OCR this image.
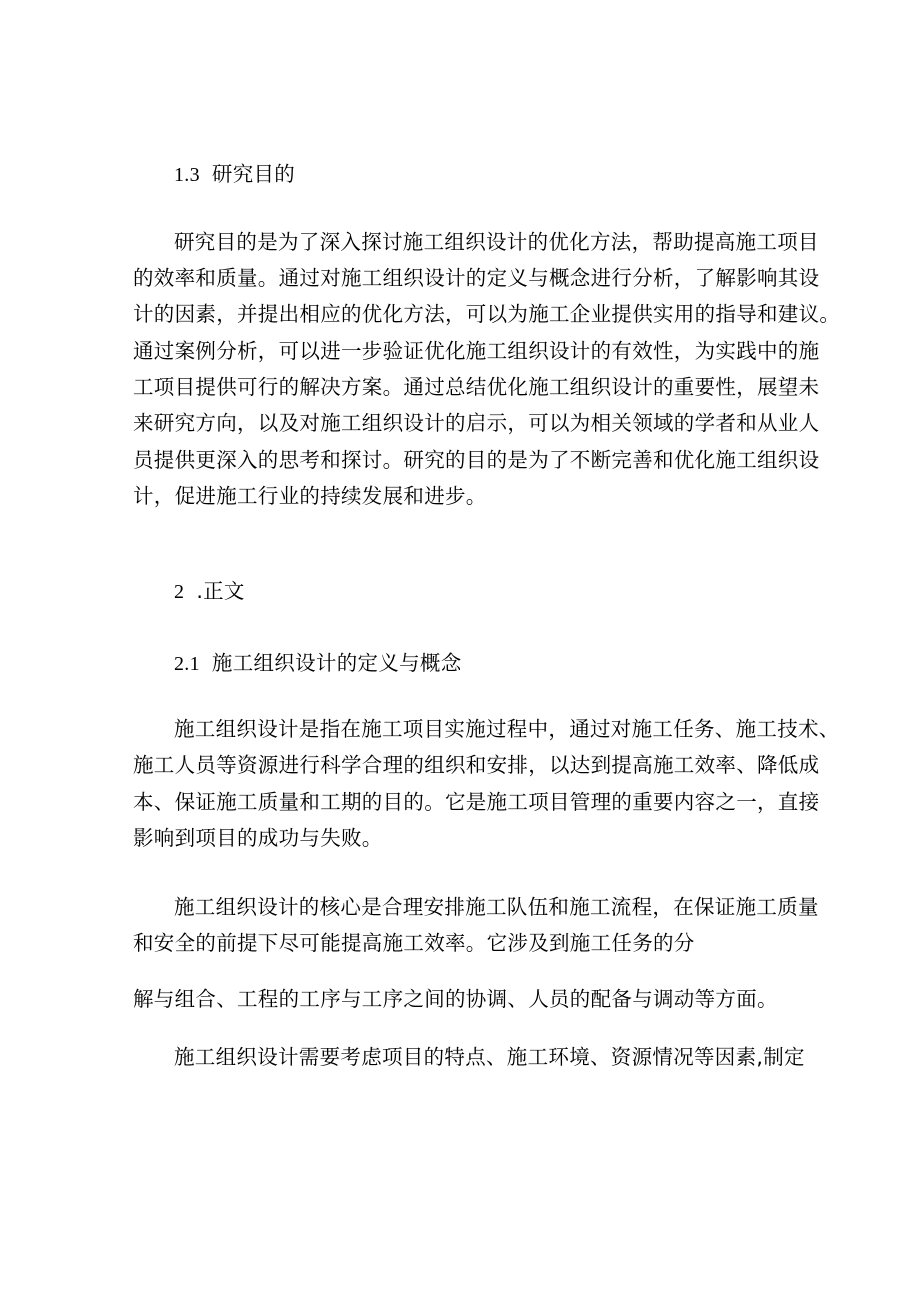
1.3 研究目的
研究目的是为了深入探讨施工组织设计的优化方法，帮助提高施工项目
的效率和质量。通过对施工组织设计的定义与概念进行分析，了解影响其设
计的因素，并提出相应的优化方法，可以为施工企业提供实用的指导和建议。
通过案例分析，可以进一步验证优化施工组织设计的有效性，为实践中的施
工项目提供可行的解决方案。通过总结优化施工组织设计的重要性，展望未
来研究方向，以及对施工组织设计的启示，可以为相关领域的学者和从业人
员提供更深入的思考和探讨。研究的目的是为了不断完善和优化施工组织设
计，促进施工行业的持续发展和进步。
2 .正文
2.1 施工组织设计的定义与概念
施工组织设计是指在施工项目实施过程中，通过对施工任务、施工技术、
施工人员等资源进行科学合理的组织和安排，以达到提高施工效率、降低成
本、保证施工质量和工期的目的。它是施工项目管理的重要内容之一，直接
影响到项目的成功与失败。
施工组织设计的核心是合理安排施工队伍和施工流程，在保证施工质量
和安全的前提下尽可能提高施工效率。它涉及到施工任务的分
解与组合、工程的工序与工序之间的协调、人员的配备与调动等方面。
施工组织设计需要考虑项目的特点、施工环境、资源情况等因素,制定
